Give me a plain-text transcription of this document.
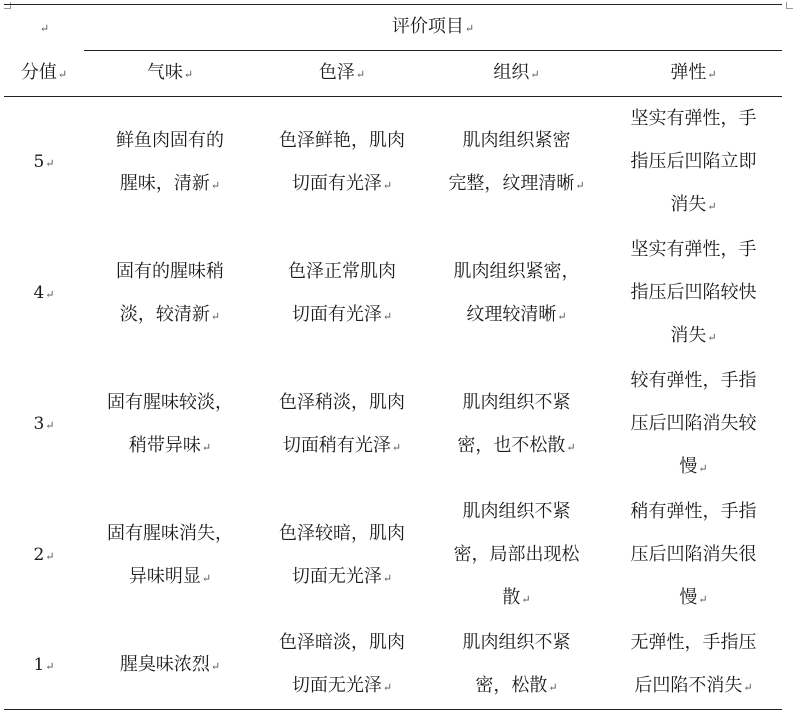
↵	评价项目 ↵
分值 ↵	气味 ↵	色泽 ↵	组织 ↵	弹性 ↵
5 ↵	鲜鱼肉固有的
腥味，清新 ↵	色泽鲜艳，肌肉
切面有光泽 ↵	肌肉组织紧密
完整，纹理清晰 ↵	坚实有弹性，手
指压后凹陷立即
消失 ↵
4 ↵	固有的腥味稍
淡，较清新 ↵	色泽正常肌肉
切面有光泽 ↵	肌肉组织紧密，
纹理较清晰 ↵	坚实有弹性，手
指压后凹陷较快
消失 ↵
3 ↵	固有腥味较淡，
稍带异味 ↵	色泽稍淡，肌肉
切面稍有光泽 ↵	肌肉组织不紧
密，也不松散 ↵	较有弹性，手指
压后凹陷消失较
慢 ↵
2 ↵	固有腥味消失，
异味明显 ↵	色泽较暗，肌肉
切面无光泽 ↵	肌肉组织不紧
密，局部出现松
散 ↵	稍有弹性，手指
压后凹陷消失很
慢 ↵
1 ↵	腥臭味浓烈 ↵	色泽暗淡，肌肉
切面无光泽 ↵	肌肉组织不紧
密，松散 ↵	无弹性，手指压
后凹陷不消失 ↵
